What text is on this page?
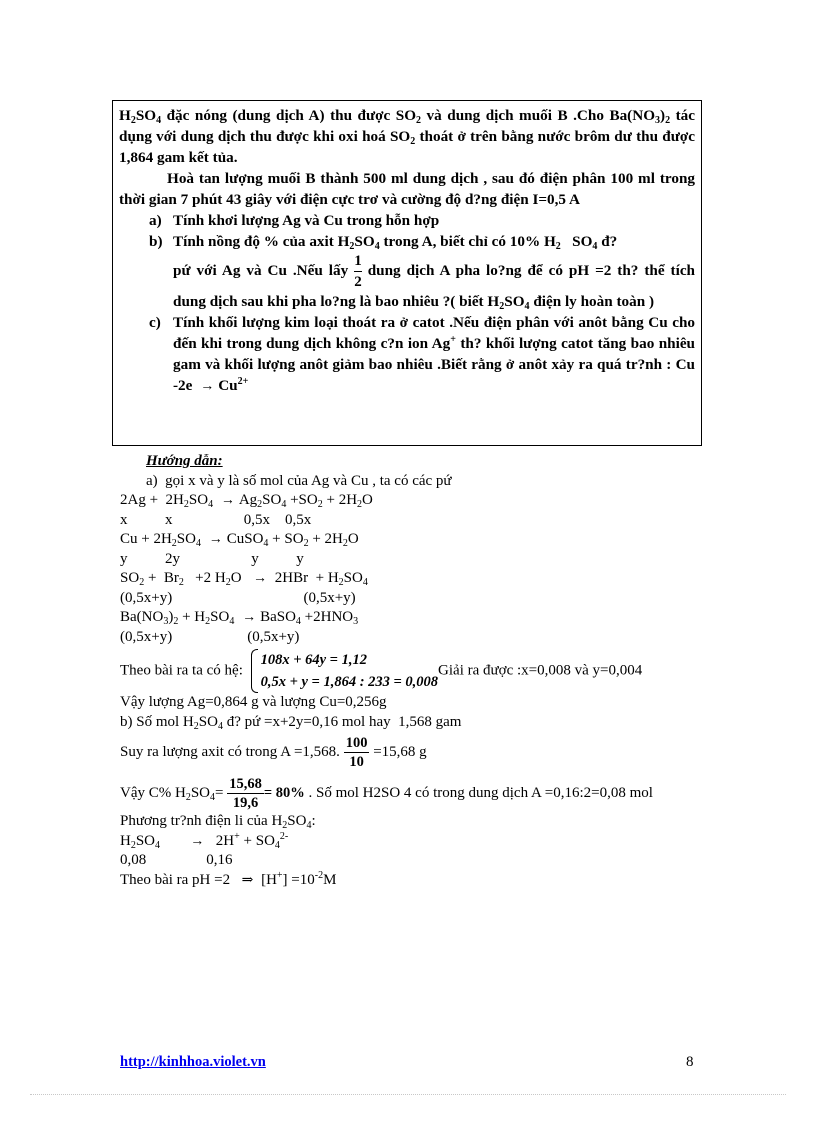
$H_2SO_4$ đặc nóng (dung dịch A) thu được $SO_2$ và dung dịch muối B .Cho $Ba(NO_3)_2$ tác dụng với dung dịch thu được khi oxi hoá $SO_2$ thoát ở trên bằng nước brôm dư thu được 1,864 gam kết tủa.

Hoà tan lượng muối B thành 500 ml dung dịch , sau đó điện phân 100 ml trong thời gian 7 phút 43 giây với điện cực trơ và cường độ d?ng điện I=0,5 A

a) Tính khơi lượng Ag và Cu trong hỗn hợp
b) Tính nồng độ % của axit $H_2SO_4$ trong A, biết chỉ có 10% $H_2$   $SO_4$ đ?
pứ với Ag và Cu .Nếu lấy $\frac{1}{2}$ dung dịch A pha lo?ng để có pH =2 th? thể tích dung dịch sau khi pha lo?ng là bao nhiêu ?( biết $H_2SO_4$ điện ly hoàn toàn )
c) Tính khối lượng kim loại thoát ra ở catot .Nếu điện phân với anôt bằng Cu cho đến khi trong dung dịch không c?n ion Ag+ th? khối lượng catot tăng bao nhiêu gam và khối lượng anôt giảm bao nhiêu .Biết rằng ở anôt xảy ra quá tr?nh : Cu $-2e \to Cu^{2+}$
Hướng dẫn:
a)  gọi x và y là số mol của Ag và Cu , ta có các pứ
$2Ag + 2H_2SO_4 \to Ag_2SO_4 +SO_2 + 2H_2O$
x          x                   0,5x    0,5x
$Cu + 2H_2SO_4$ → CuSO$_4$ + $SO_2 + 2H_2O$
y          2y                   y          y
$SO_2 + Br_2 +2$ $H_2O \to 2HBr + H_2SO_4$
(0,5x+y)                                   (0,5x+y)
$Ba(NO_3)_2 + H_2SO_4$ → BaSO$_4$ $+2HNO_3$
(0,5x+y)                    (0,5x+y)
Theo bài ra ta có hệ:
108x + 64y = 1,12
0,5x + y = 1,864 : 233 = 0,008
Giải ra được :x=0,008 và y=0,004
Vậy lượng Ag=0,864 g và lượng Cu=0,256g
b) Số mol $H_2SO_4$ đ? pứ =x+2y=0,16 mol hay  1,568 gam
Suy ra lượng axit có trong A =1,568. $\frac{100}{10} =15,68$ g
Vậy C% $H_2SO_4= \frac{15,68}{19,6} = 80\%$ . Số mol H2SO 4 có trong dung dịch A =0,16:2=0,08 mol
Phương tr?nh điện li của $H_2SO_4$:
$H_2SO_4 \to 2H^+ + SO_4^{2-}$
0,08                0,16
Theo bài ra pH =2 ⇒ $[H^+] =10^{-2}M$
http://kinhhoa.violet.vn	8
